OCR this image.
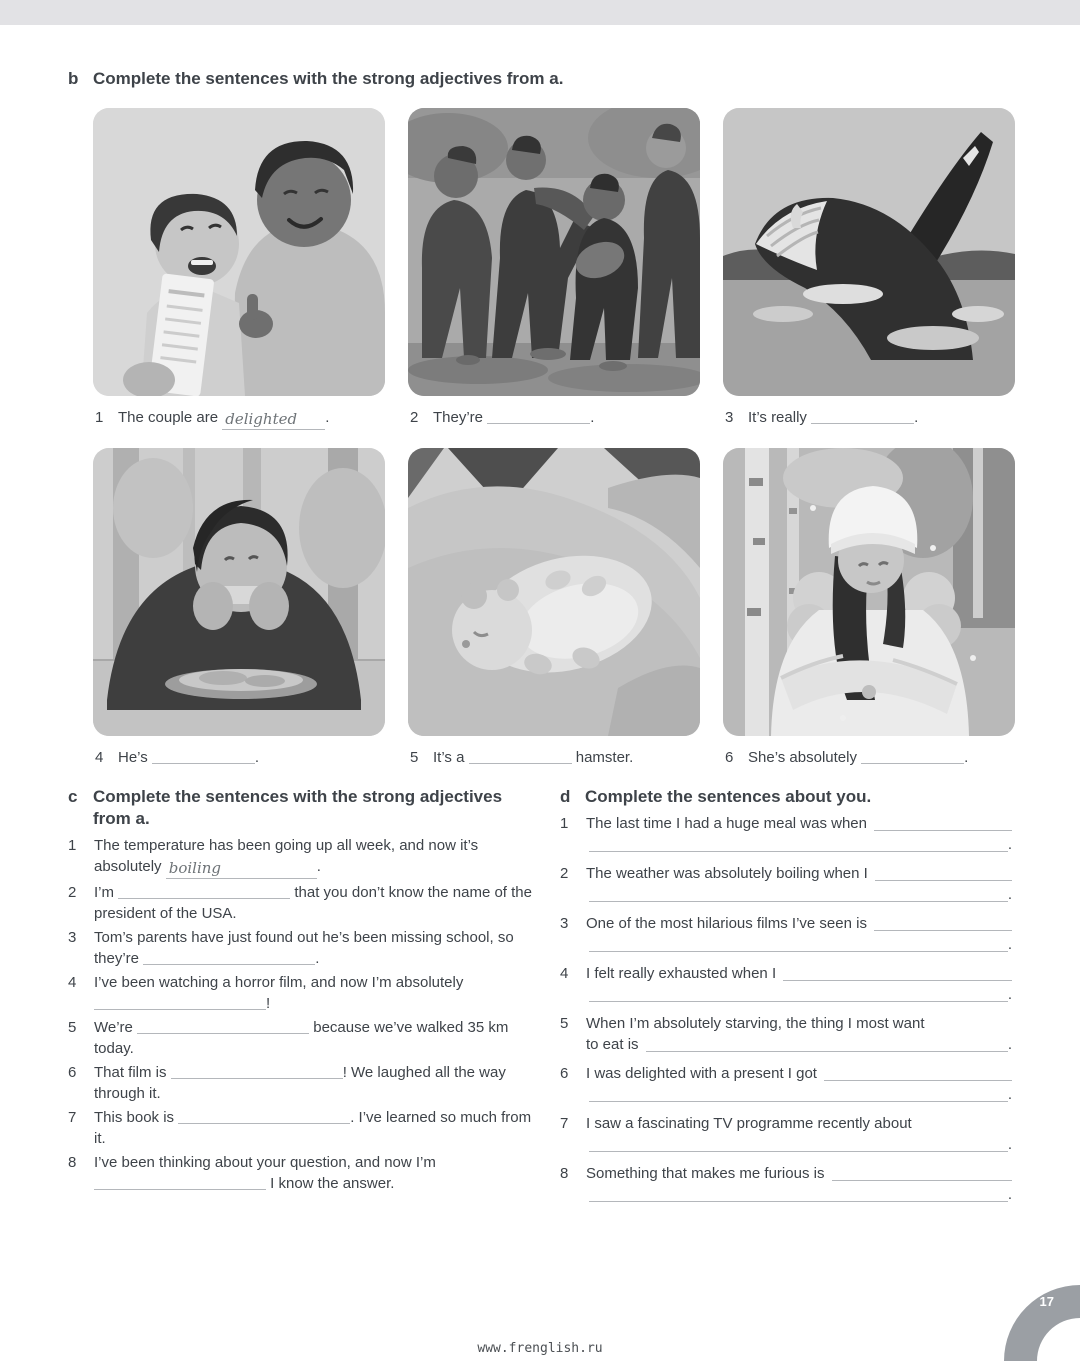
b Complete the sentences with the strong adjectives from a.
1 The couple are delighted .	2 They’re	.	3 It’s really	.
4 He’s	.	5 It’s a	hamster.	6 She’s absolutely	.
c Complete the sentences with the strong adjectives from a.
1	The temperature has been going up all week, and now it’s absolutely boiling	.
2	I’m	that you don’t know the name of the president of the USA.
3	Tom’s parents have just found out he’s been missing school, so they’re	.
4	I’ve been watching a horror film, and now I’m absolutely !
5	We’re	because we’ve walked 35 km today.
6	That film is	! We laughed all the way through it.
7	This book is	. I’ve learned so much from it.
8	I’ve been thinking about your question, and now I’m  I know the answer.
d Complete the sentences about you.
1	The last time I had a huge meal was when
.
2	The weather was absolutely boiling when I
.
3	One of the most hilarious films I’ve seen is
.
4	I felt really exhausted when I
.
5	When I’m absolutely starving, the thing I most want
to eat is	.
6	I was delighted with a present I got
.
7	I saw a fascinating TV programme recently about
.
8	Something that makes me furious is
.
www.frenglish.ru
17
